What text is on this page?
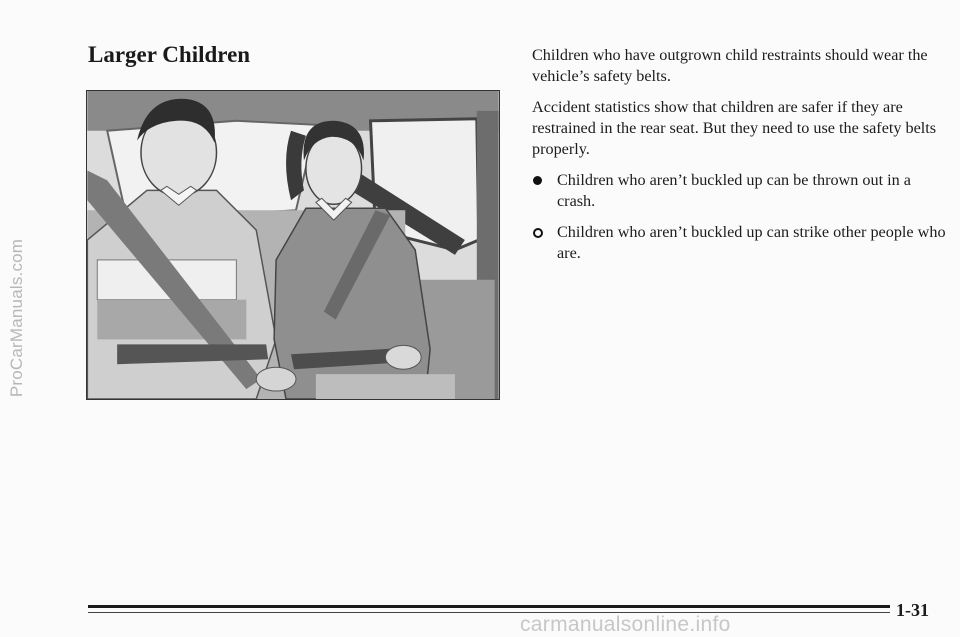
ProCarManuals.com
Larger Children	Children who have outgrown child restraints should wear the vehicle’s safety belts.

Accident statistics show that children are safer if they are restrained in the rear seat. But they need to use the safety belts properly.

Children who aren’t buckled up can be thrown out in a crash.
Children who aren’t buckled up can strike other people who are.
1-31
carmanualsonline.info
